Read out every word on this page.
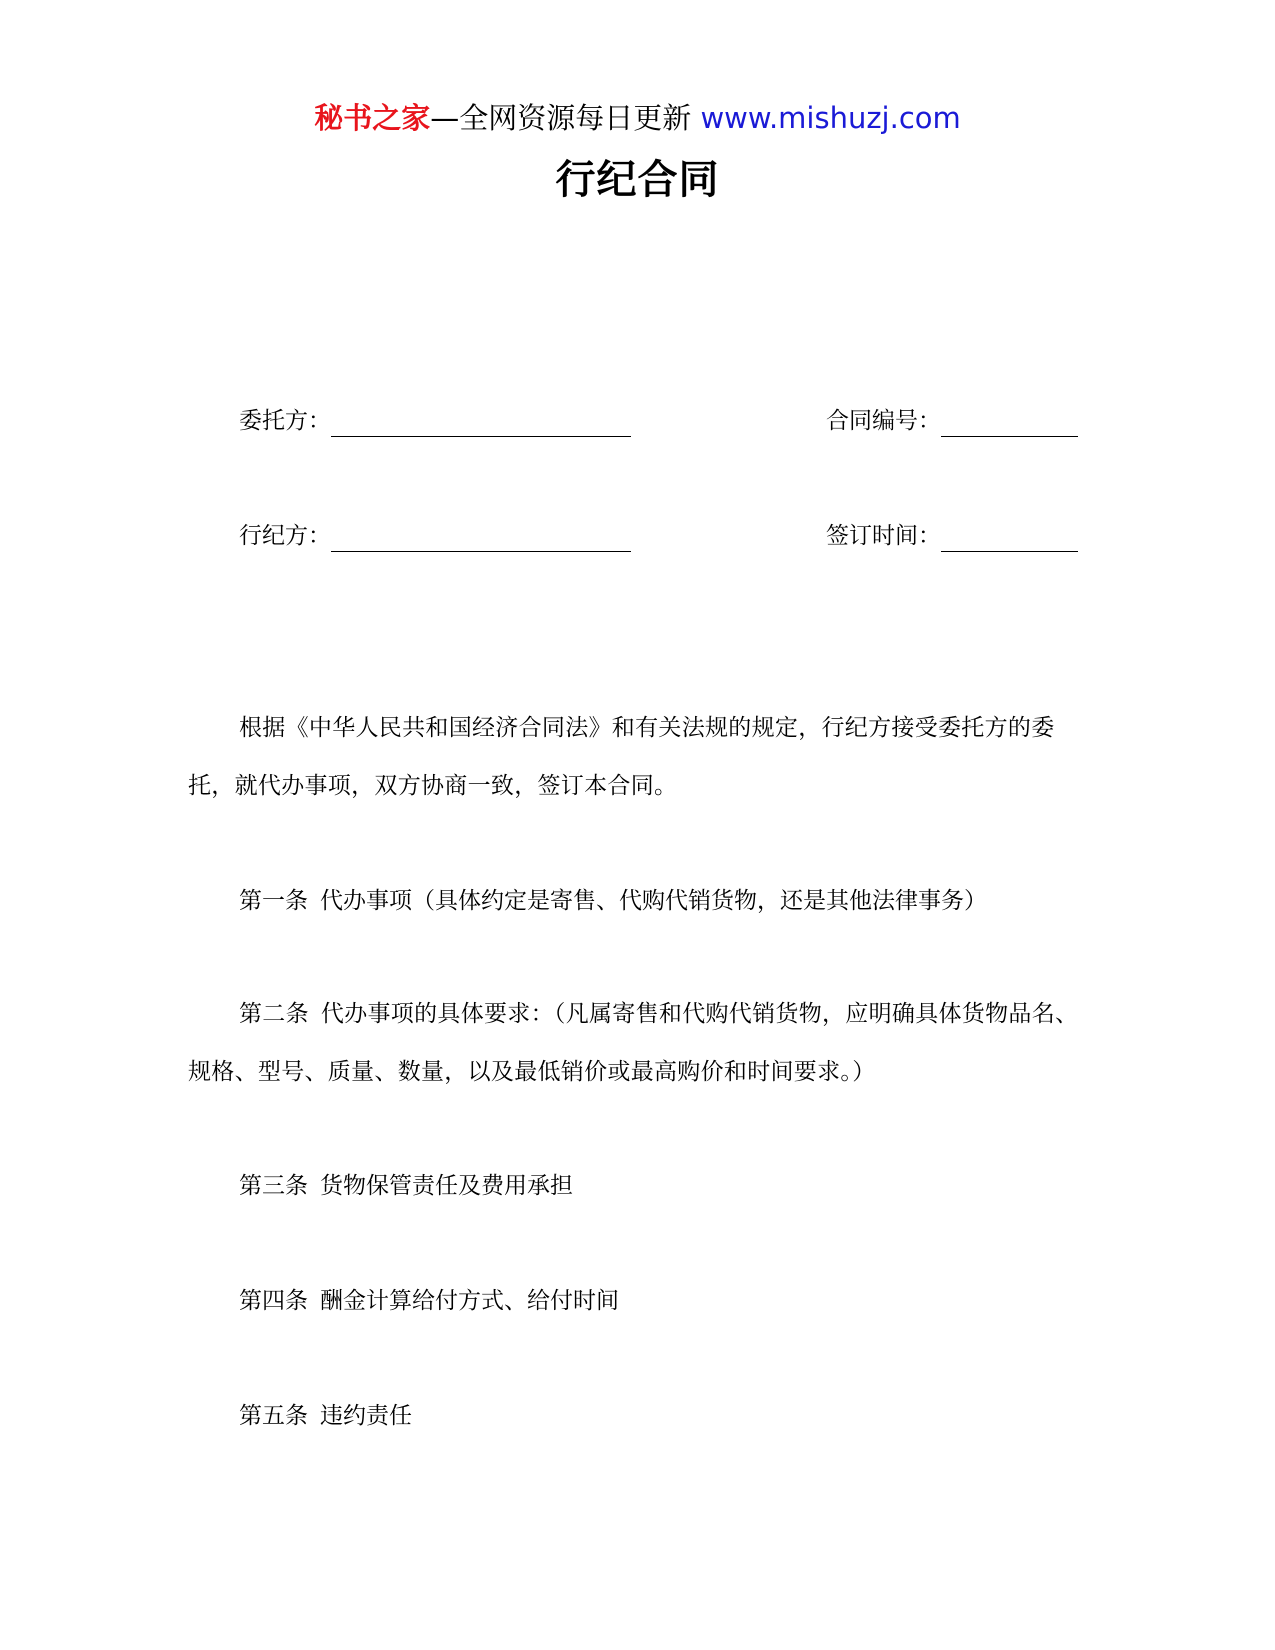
秘书之家—全网资源每日更新 www.mishuzj.com
行纪合同
委托方：	合同编号：
行纪方：	签订时间：
根据《中华人民共和国经济合同法》和有关法规的规定，行纪方接受委托方的委托，就代办事项，双方协商一致，签订本合同。
第一条 代办事项（具体约定是寄售、代购代销货物，还是其他法律事务）
第二条 代办事项的具体要求：（凡属寄售和代购代销货物，应明确具体货物品名、规格、型号、质量、数量，以及最低销价或最高购价和时间要求。）
第三条 货物保管责任及费用承担
第四条 酬金计算给付方式、给付时间
第五条 违约责任
